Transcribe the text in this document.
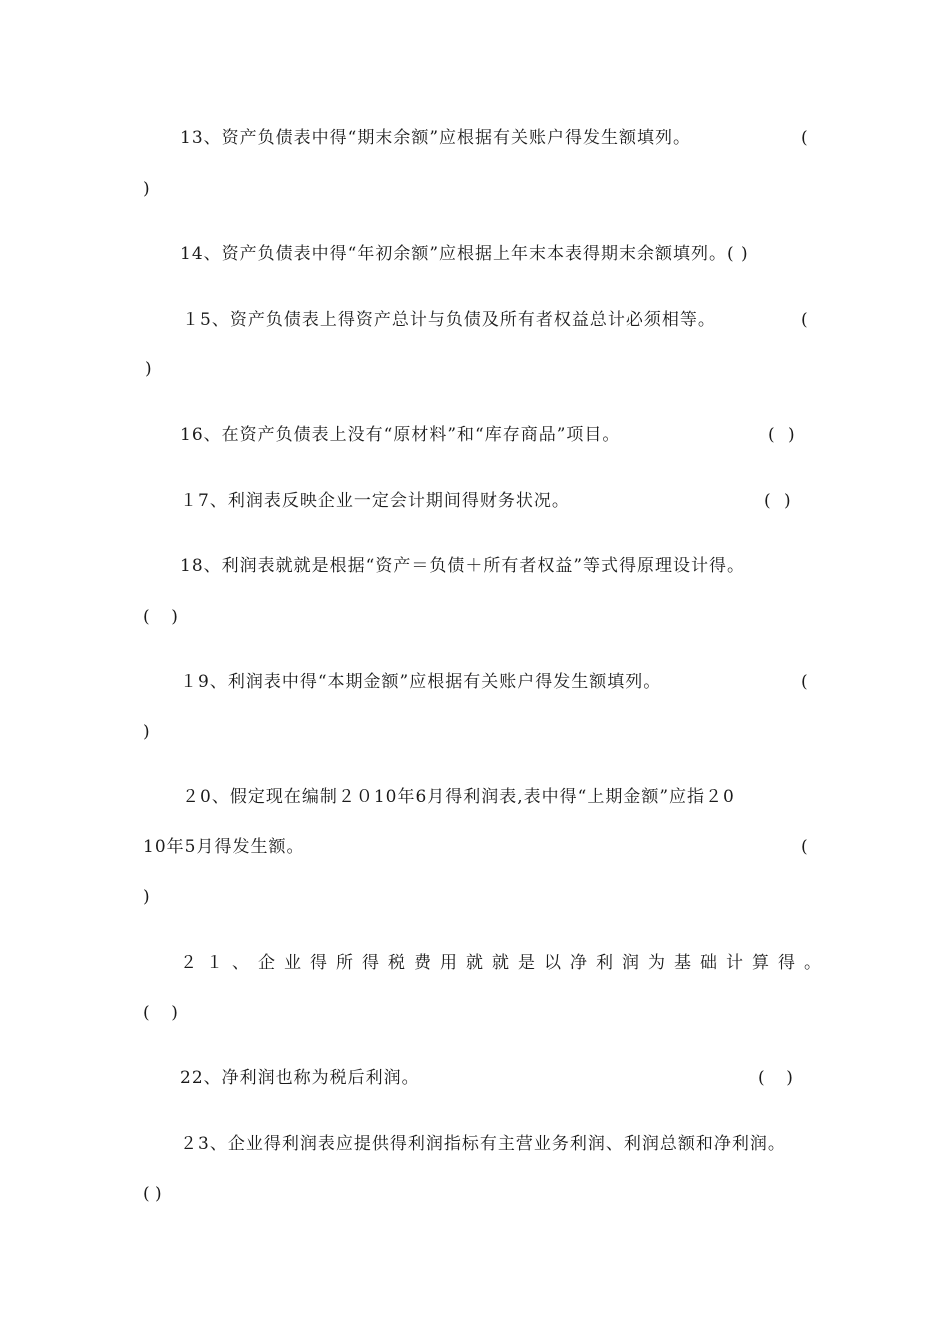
13、资产负债表中得“期末余额”应根据有关账户得发生额填列。	(
)
14、资产负债表中得“年初余额”应根据上年末本表得期末余额填列。( )
１5、资产负债表上得资产总计与负债及所有者权益总计必须相等。	(
)
16、在资产负债表上没有“原材料”和“库存商品”项目。	( )
１7、利润表反映企业一定会计期间得财务状况。	( )
18、利润表就就是根据“资产＝负债＋所有者权益”等式得原理设计得。
(    )
１9、利润表中得“本期金额”应根据有关账户得发生额填列。	(
)
２0、假定现在编制２０10年6月得利润表,表中得“上期金额”应指２0
10年5月得发生额。	(
)
２１、企业得所得税费用就就是以净利润为基础计算得。
(    )
22、净利润也称为税后利润。	(    )
２3、企业得利润表应提供得利润指标有主营业务利润、利润总额和净利润。
( )
